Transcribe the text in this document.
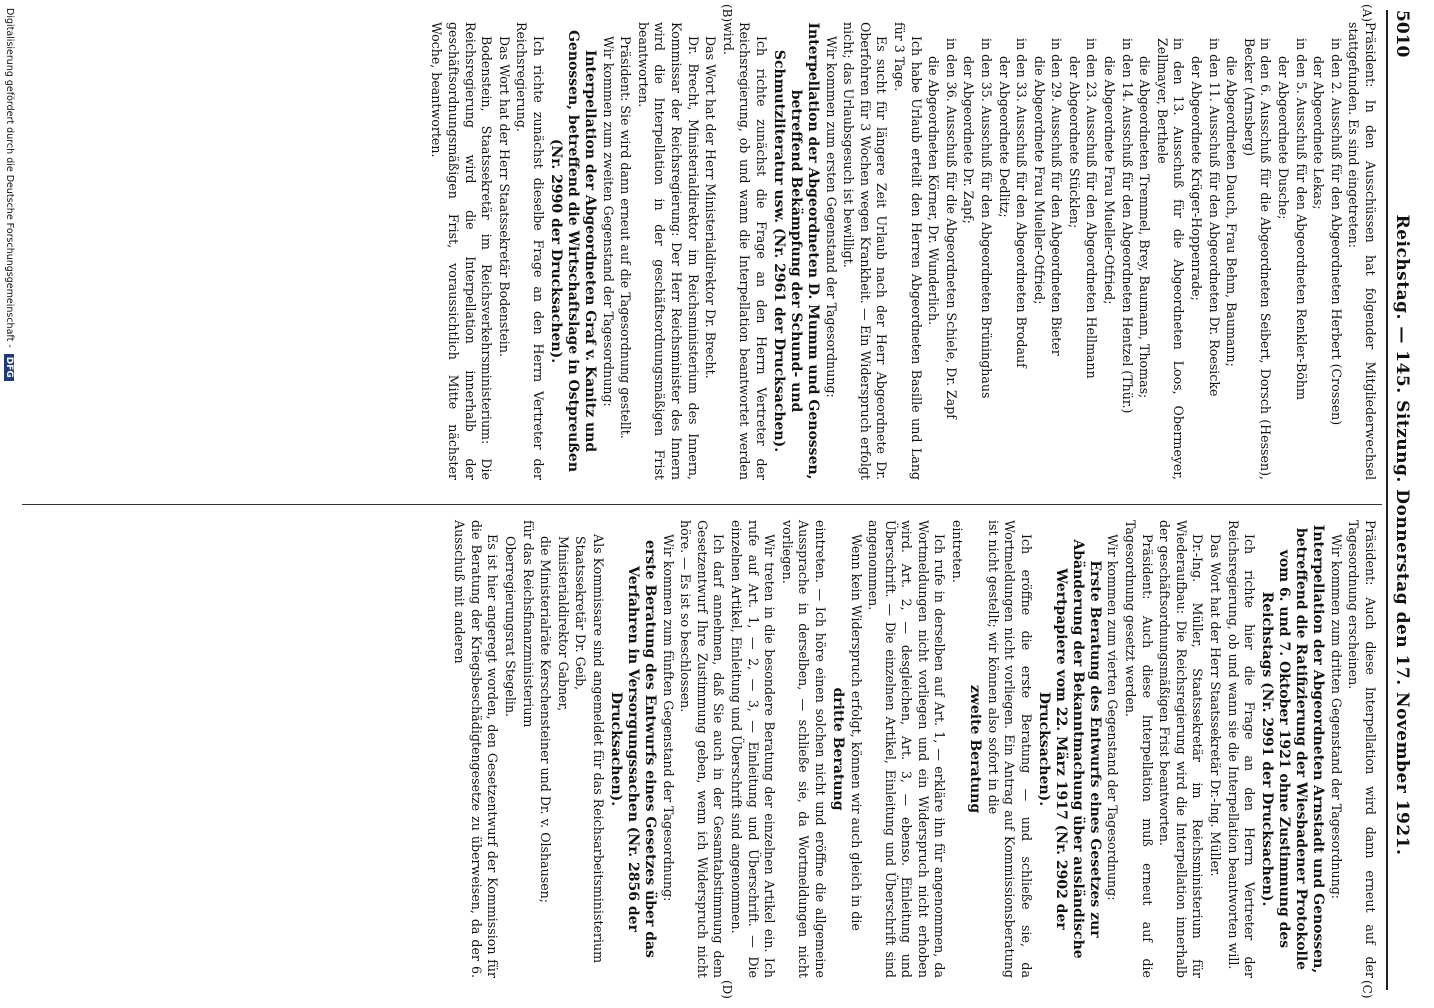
5010
Reichstag. — 145. Sitzung. Donnerstag den 17. November 1921.
(A)
(B)
(C)
(D)

Präsident: In den Ausschüssen hat folgender Mitgliederwechsel stattgefunden. Es sind eingetreten:

in den 2. Ausschuß für den Abgeordneten Herbert (Crossen)

der Abgeordnete Lekas;

in den 5. Ausschuß für den Abgeordneten Renkler-Böhm

der Abgeordnete Dusche;

in den 6. Ausschuß für die Abgeordneten Seibert, Dorsch (Hessen), Becker (Arnsberg)

die Abgeordneten Dauch, Frau Behm, Baumann;

in den 11. Ausschuß für den Abgeordneten Dr. Roesicke

der Abgeordnete Krüger-Hoppenrade;

in den 13. Ausschuß für die Abgeordneten Loos, Obermeyer, Zellmayer, Berthele

die Abgeordneten Tremmel, Brey, Baumann, Thomas;

in den 14. Ausschuß für den Abgeordneten Hentzel (Thür.)

die Abgeordnete Frau Mueller-Otfried;

in den 23. Ausschuß für den Abgeordneten Hellmann

der Abgeordnete Stücklen;

in den 29. Ausschuß für den Abgeordneten Bieter

die Abgeordnete Frau Mueller-Otfried;

in den 33. Ausschuß für den Abgeordneten Brodauf

der Abgeordnete Dedlitz;

in den 35. Ausschuß für den Abgeordneten Brüninghaus

der Abgeordnete Dr. Zapf;

in den 36. Ausschuß für die Abgeordneten Schiele, Dr. Zapf

die Abgeordneten Körner, Dr. Wunderlich.

Ich habe Urlaub erteilt den Herren Abgeordneten Basille und Lang für 3 Tage.

Es sucht für längere Zeit Urlaub nach der Herr Abgeordnete Dr. Oberfohren für 3 Wochen wegen Krankheit. — Ein Widerspruch erfolgt nicht; das Urlaubsgesuch ist bewilligt.

Wir kommen zum ersten Gegenstand der Tagesordnung:

Interpellation der Abgeordneten D. Mumm und Genossen, betreffend Bekämpfung der Schund- und Schmutzliteratur usw. (Nr. 2961 der Drucksachen).

Ich richte zunächst die Frage an den Herrn Vertreter der Reichsregierung, ob und wann die Interpellation beantwortet werden wird.

Das Wort hat der Herr Ministerialdirektor Dr. Brecht.

Dr. Brecht, Ministerialdirektor im Reichsministerium des Innern, Kommissar der Reichsregierung: Der Herr Reichsminister des Innern wird die Interpellation in der geschäftsordnungsmäßigen Frist beantworten.

Präsident: Sie wird dann erneut auf die Tagesordnung gestellt.

Wir kommen zum zweiten Gegenstand der Tagesordnung:

Interpellation der Abgeordneten Graf v. Kanitz und Genossen, betreffend die Wirtschaftslage in Ostpreußen (Nr. 2990 der Drucksachen).

Ich richte zunächst dieselbe Frage an den Herrn Vertreter der Reichsregierung.

Das Wort hat der Herr Staatssekretär Bodenstein.

Bodenstein, Staatssekretär im Reichsverkehrsministerium: Die Reichsregierung wird die Interpellation innerhalb der geschäftsordnungsmäßigen Frist, voraussichtlich Mitte nächster Woche, beantworten.

Präsident: Auch diese Interpellation wird dann erneut auf der Tagesordnung erscheinen.

Wir kommen zum dritten Gegenstand der Tagesordnung:

Interpellation der Abgeordneten Arnstadt und Genossen, betreffend die Ratifizierung der Wiesbadener Protokolle vom 6. und 7. Oktober 1921 ohne Zustimmung des Reichstags (Nr. 2991 der Drucksachen).

Ich richte hier die Frage an den Herrn Vertreter der Reichsregierung, ob und wann sie die Interpellation beantworten will.

Das Wort hat der Herr Staatssekretär Dr.-Ing. Müller.

Dr.-Ing. Müller, Staatssekretär im Reichsministerium für Wiederaufbau: Die Reichsregierung wird die Interpellation innerhalb der geschäftsordnungsmäßigen Frist beantworten.

Präsident: Auch diese Interpellation muß erneut auf die Tagesordnung gesetzt werden.

Wir kommen zum vierten Gegenstand der Tagesordnung:

Erste Beratung des Entwurfs eines Gesetzes zur Abänderung der Bekanntmachung über ausländische Wertpapiere vom 22. März 1917 (Nr. 2902 der Drucksachen).

Ich eröffne die erste Beratung — und schließe sie, da Wortmeldungen nicht vorliegen. Ein Antrag auf Kommissionsberatung ist nicht gestellt; wir können also sofort in die

zweite Beratung

eintreten.

Ich rufe in derselben auf Art. 1, — erkläre ihn für angenommen, da Wortmeldungen nicht vorliegen und ein Widerspruch nicht erhoben wird. Art. 2, — desgleichen, Art. 3, — ebenso. Einleitung und Überschrift. — Die einzelnen Artikel, Einleitung und Überschrift sind angenommen.

Wenn kein Widerspruch erfolgt, können wir auch gleich in die

dritte Beratung

eintreten. — Ich höre einen solchen nicht und eröffne die allgemeine Aussprache in derselben, — schließe sie, da Wortmeldungen nicht vorliegen.

Wir treten in die besondere Beratung der einzelnen Artikel ein. Ich rufe auf Art. 1, — 2, — 3, — Einleitung und Überschrift. — Die einzelnen Artikel, Einleitung und Überschrift sind angenommen.

Ich darf annehmen, daß Sie auch in der Gesamtabstimmung dem Gesetzentwurf Ihre Zustimmung geben, wenn ich Widerspruch nicht höre. — Es ist so beschlossen.

Wir kommen zum fünften Gegenstand der Tagesordnung:

erste Beratung des Entwurfs eines Gesetzes über das Verfahren in Versorgungssachen (Nr. 2856 der Drucksachen).

Als Kommissare sind angemeldet für das Reichsarbeitsministerium

Staatssekretär Dr. Geib,

Ministerialdirektor Gabner,

die Ministerialräte Kerschensteiner und Dr. v. Olshausen;

für das Reichsfinanzministerium

Oberregierungsrat Stegelin.

Es ist hier angeregt worden, den Gesetzentwurf der Kommission für die Beratung der Kriegsbeschädigtengesetze zu überweisen, da der 6. Ausschuß mit anderen

Digitalisierung gefördert durch die Deutsche Forschungsgemeinschaft -DFG
